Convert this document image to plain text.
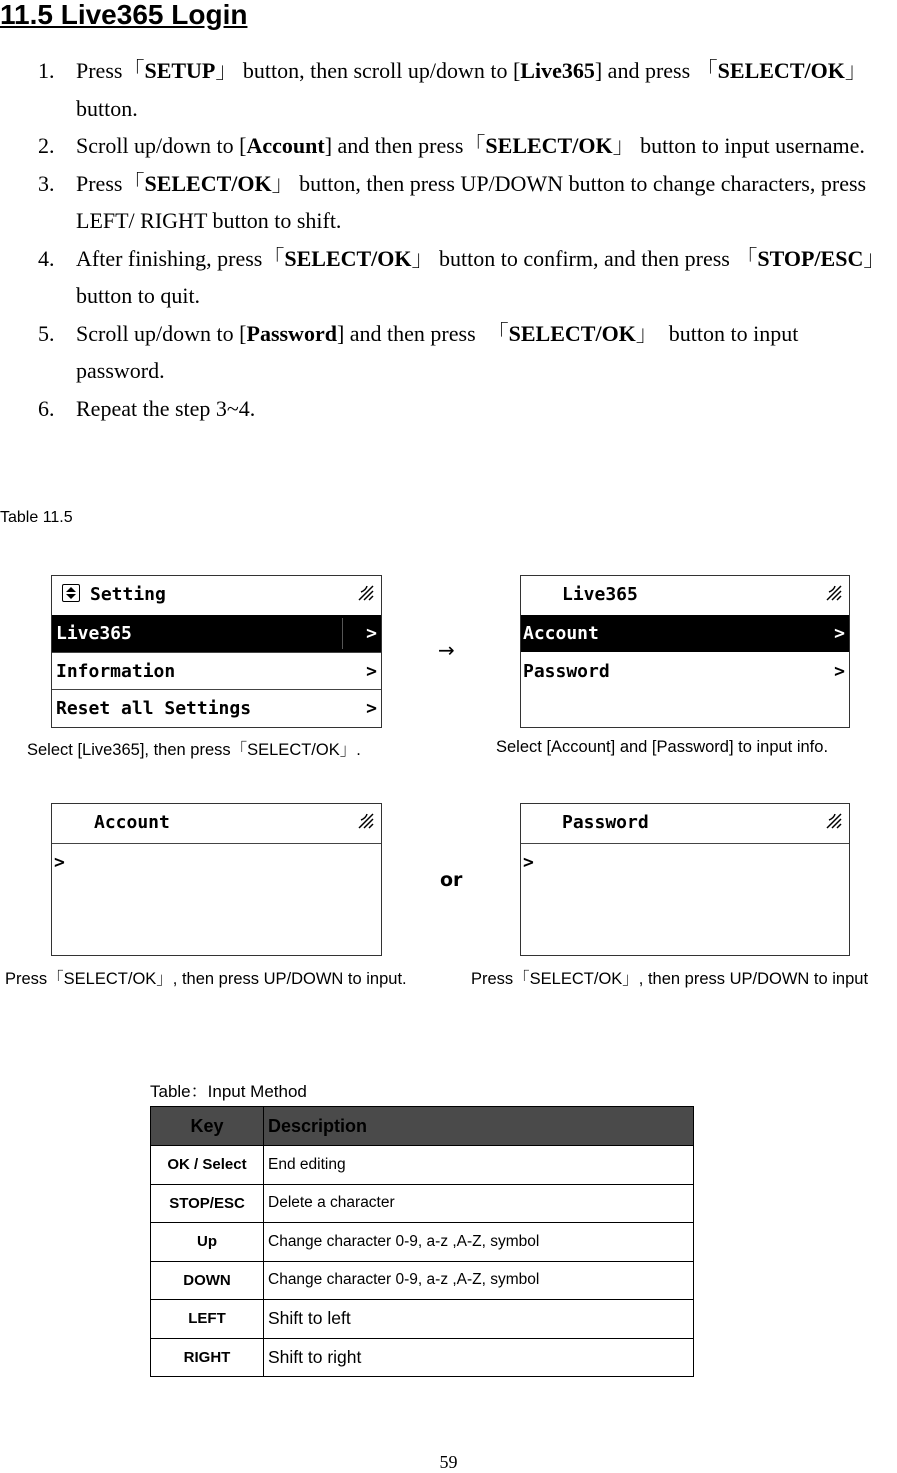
11.5 Live365 Login
1. Press「SETUP」 button, then scroll up/down to [Live365] and press 「SELECT/OK」 button.
2. Scroll up/down to [Account] and then press「SELECT/OK」 button to input username.
3. Press「SELECT/OK」 button, then press UP/DOWN button to change characters, press LEFT/ RIGHT button to shift.
4. After finishing, press「SELECT/OK」 button to confirm, and then press 「STOP/ESC」 button to quit.
5. Scroll up/down to [Password] and then press  「SELECT/OK」  button to input password.
6. Repeat the step 3~4.
Table 11.5
Setting
Live365	>
Information	>
Reset all Settings	>
Select [Live365], then press「SELECT/OK」.
→
Live365
Account	>
Password	>
Select [Account] and [Password] to input info.
Account
>
Press「SELECT/OK」, then press UP/DOWN to input.
or
Password
>
Press「SELECT/OK」, then press UP/DOWN to input
Table：Input Method
Key	Description
OK / Select	End editing
STOP/ESC	Delete a character
Up	Change character 0-9, a-z ,A-Z, symbol
DOWN	Change character 0-9, a-z ,A-Z, symbol
LEFT	Shift to left
RIGHT	Shift to right
59
